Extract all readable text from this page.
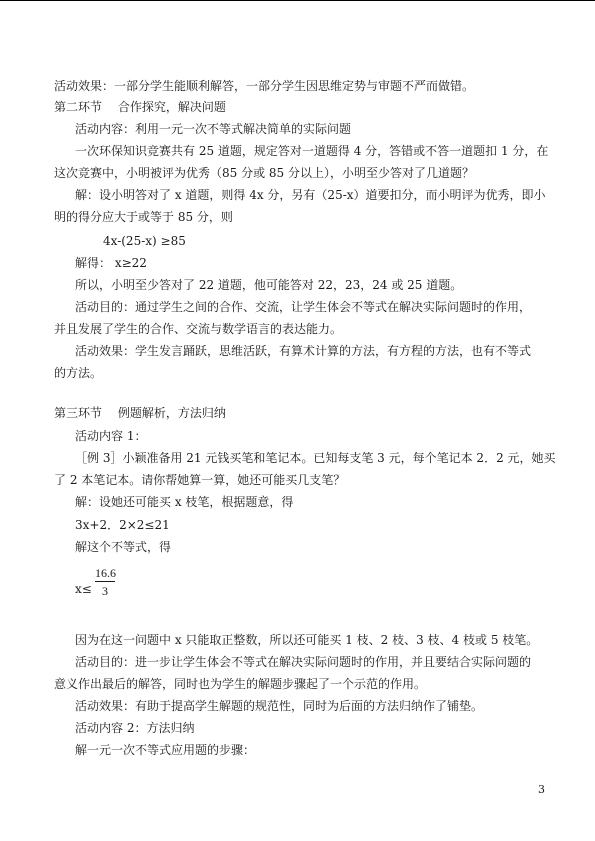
活动效果：一部分学生能顺利解答，一部分学生因思维定势与审题不严而做错。

第二环节　 合作探究，解决问题

活动内容：利用一元一次不等式解决简单的实际问题

一次环保知识竞赛共有 25 道题，规定答对一道题得 4 分，答错或不答一道题扣 1 分，在

这次竞赛中，小明被评为优秀（85 分或 85 分以上），小明至少答对了几道题？

解：设小明答对了 x 道题，则得 4x 分，另有（25-x）道要扣分，而小明评为优秀，即小

明的得分应大于或等于 85 分，则

4x-(25-x) ≥85

解得： x≥22

所以，小明至少答对了 22 道题，他可能答对 22，23，24 或 25 道题。

活动目的：通过学生之间的合作、交流，让学生体会不等式在解决实际问题时的作用，

并且发展了学生的合作、交流与数学语言的表达能力。

活动效果：学生发言踊跃，思维活跃，有算术计算的方法，有方程的方法，也有不等式

的方法。

第三环节　 例题解析，方法归纳

活动内容 1：

［例 3］小颖准备用 21 元钱买笔和笔记本。已知每支笔 3 元，每个笔记本 2．2 元，她买

了 2 本笔记本。请你帮她算一算，她还可能买几支笔？

解：设她还可能买 x 枝笔，根据题意，得

3x+2．2×2≤21

解这个不等式，得

x≤

16.6
3

因为在这一问题中 x 只能取正整数，所以还可能买 1 枝、2 枝、3 枝、4 枝或 5 枝笔。

活动目的：进一步让学生体会不等式在解决实际问题时的作用，并且要结合实际问题的

意义作出最后的解答，同时也为学生的解题步骤起了一个示范的作用。

活动效果：有助于提高学生解题的规范性，同时为后面的方法归纳作了铺垫。

活动内容 2：方法归纳

解一元一次不等式应用题的步骤：

3
